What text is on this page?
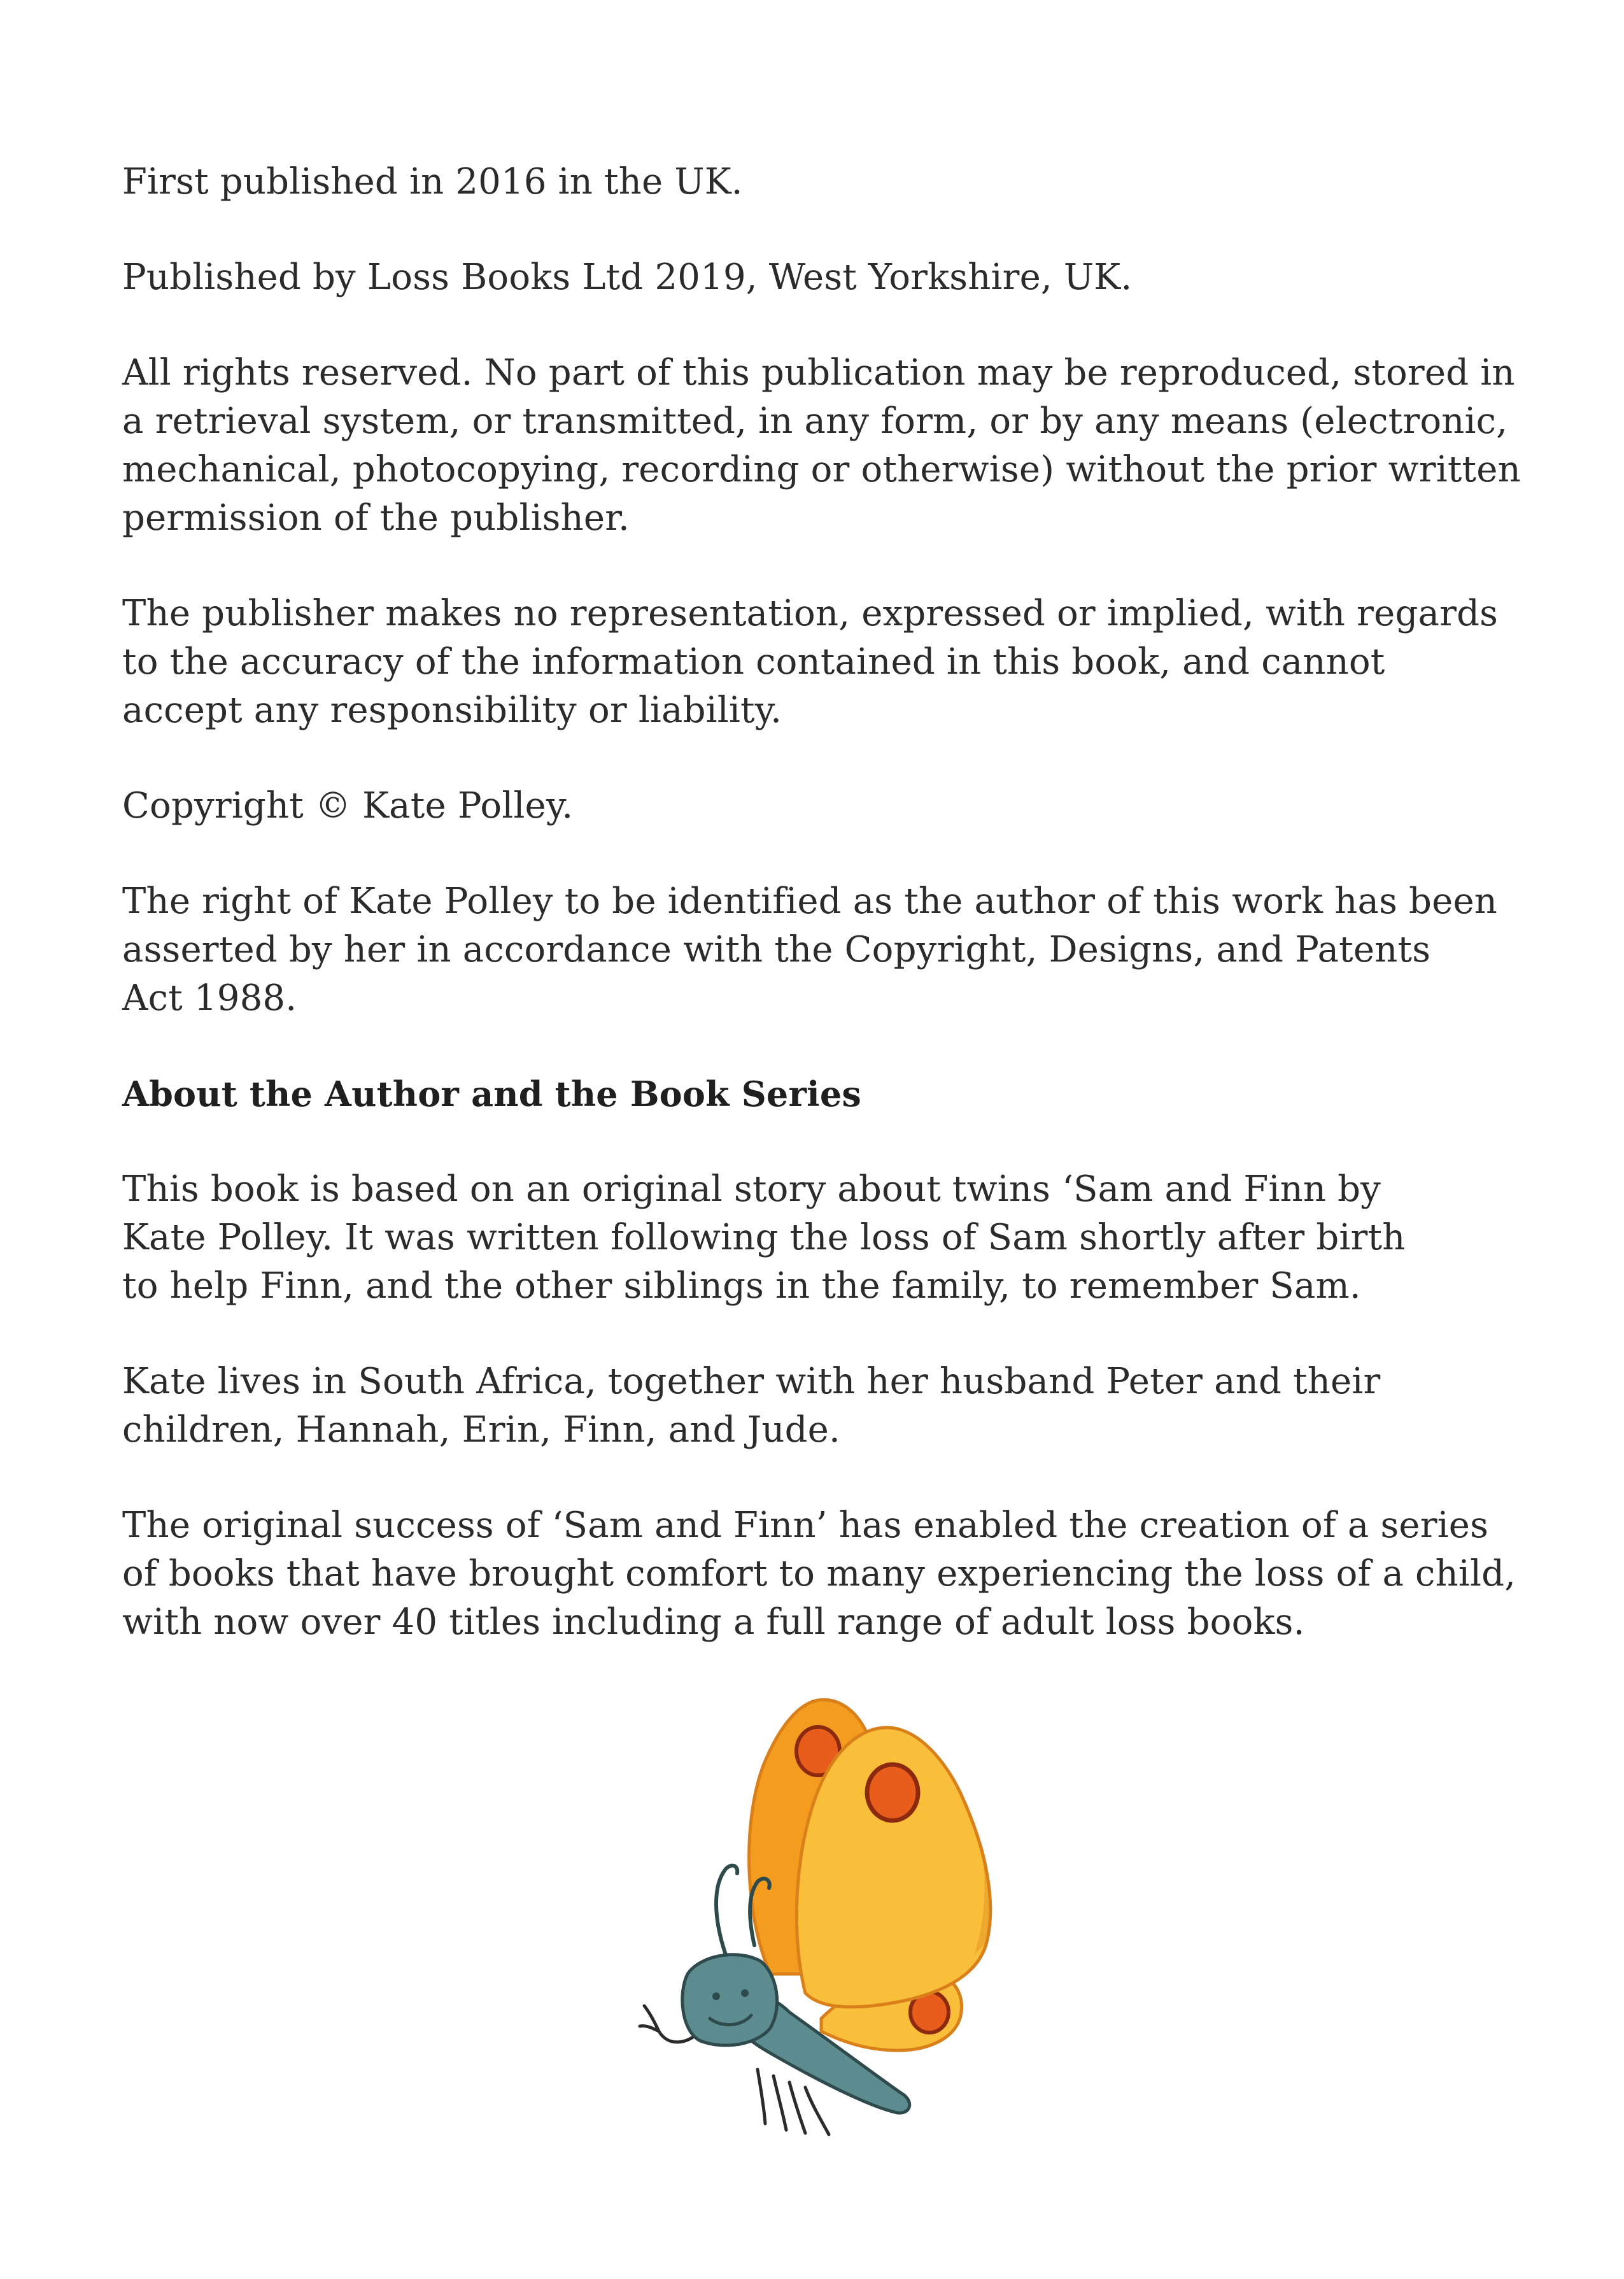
First published in 2016 in the UK.

Published by Loss Books Ltd 2019, West Yorkshire, UK.

All rights reserved. No part of this publication may be reproduced, stored in
a retrieval system, or transmitted, in any form, or by any means (electronic,
mechanical, photocopying, recording or otherwise) without the prior written
permission of the publisher.

The publisher makes no representation, expressed or implied, with regards
to the accuracy of the information contained in this book, and cannot
accept any responsibility or liability.

Copyright © Kate Polley.

The right of Kate Polley to be identified as the author of this work has been
asserted by her in accordance with the Copyright, Designs, and Patents
Act 1988.

About the Author and the Book Series

This book is based on an original story about twins ‘Sam and Finn by
Kate Polley. It was written following the loss of Sam shortly after birth
to help Finn, and the other siblings in the family, to remember Sam.

Kate lives in South Africa, together with her husband Peter and their
children, Hannah, Erin, Finn, and Jude.

The original success of ‘Sam and Finn’ has enabled the creation of a series
of books that have brought comfort to many experiencing the loss of a child,
with now over 40 titles including a full range of adult loss books.
